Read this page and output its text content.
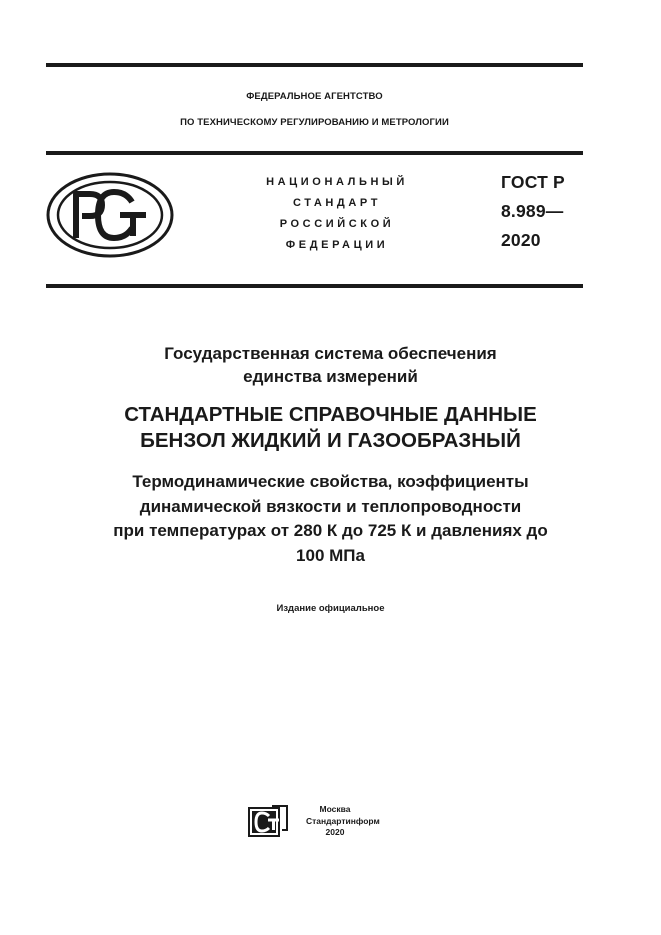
ФЕДЕРАЛЬНОЕ АГЕНТСТВО
ПО ТЕХНИЧЕСКОМУ РЕГУЛИРОВАНИЮ И МЕТРОЛОГИИ
НАЦИОНАЛЬНЫЙ
СТАНДАРТ
РОССИЙСКОЙ
ФЕДЕРАЦИИ
ГОСТ Р
8.989—
2020
Государственная система обеспечения
единства измерений
СТАНДАРТНЫЕ СПРАВОЧНЫЕ ДАННЫЕ
БЕНЗОЛ ЖИДКИЙ И ГАЗООБРАЗНЫЙ
Термодинамические свойства, коэффициенты
динамической вязкости и теплопроводности
при температурах от 280 К до 725 К и давлениях до
100 МПа
Издание официальное
Москва
Стандартинформ
2020
